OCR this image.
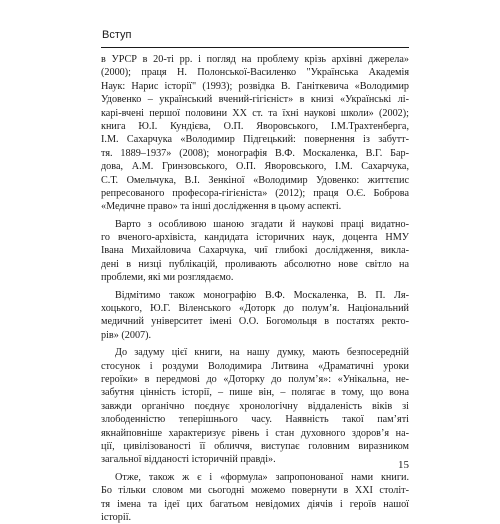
Вступ
в УРСР в 20-ті рр. і погляд на проблему крізь архівні джерела»
(2000); праця Н. Полонської-Василенко "Українська Академія
Наук: Нарис історії" (1993); розвідка В. Ганіткевича «Володимир
Удовенко – український вчений-гігієніст» в книзі «Українські лі-
карі-вчені першої половини ХХ ст. та їхні наукові школи» (2002);
книга Ю.І. Кундієва, О.П. Яворовського, І.М.Трахтенберга,
І.М. Сахарчука «Володимир Підгецький: повернення із забутт-
тя. 1889–1937» (2008); монографія В.Ф. Москаленка, В.Г. Бар-
дова, А.М. Гринзовського, О.П. Яворовського, І.М. Сахарчука,
С.Т. Омельчука, В.І. Зенкіної «Володимир Удовенко: життєпис
репресованого професора-гігієніста» (2012); праця О.Є. Боброва
«Медичне право» та інші дослідження в цьому аспекті.
Варто з особливою шаною згадати й наукові праці видатно-
го вченого-архівіста, кандидата історичних наук, доцента НМУ
Івана Михайловича Сахарчука, чиї глибокі дослідження, виклa-
дені в низці публікацій, проливають абсолютно нове світло на
проблеми, які ми розглядаємо.
Відмітимо також монографію В.Ф. Москаленка, В. П. Ля-
хоцького, Ю.Г. Віленського «Доторк до полум’я. Національний
медичний університет імені О.О. Богомольця в постатях ректо-
рів» (2007).
До задуму цієї книги, на нашу думку, мають безпосередній
стосунок і роздуми Володимира Литвина «Драматичні уроки
героїки» в передмові до «Доторку до полум’я»: «Унікальна, не-
забутня цінність історії, – пише він, – полягає в тому, що вона
завжди органічно поєднує хронологічну віддаленість віків зі
злободенністю теперішнього часу. Наявність такої пам’яті
якнайповніше характеризує рівень і стан духовного здоров’я на-
ції, цивілізованості її обличчя, виступає головним виразником
загальної відданості історичній правді».
Отже, також ж є і «формула» запропонованої нами книги.
Бо тільки словом ми сьогодні можемо повернути в ХХІ століт-
тя імена та ідеї цих багатьом невідомих діячів і героїв нашої
історії.
15
